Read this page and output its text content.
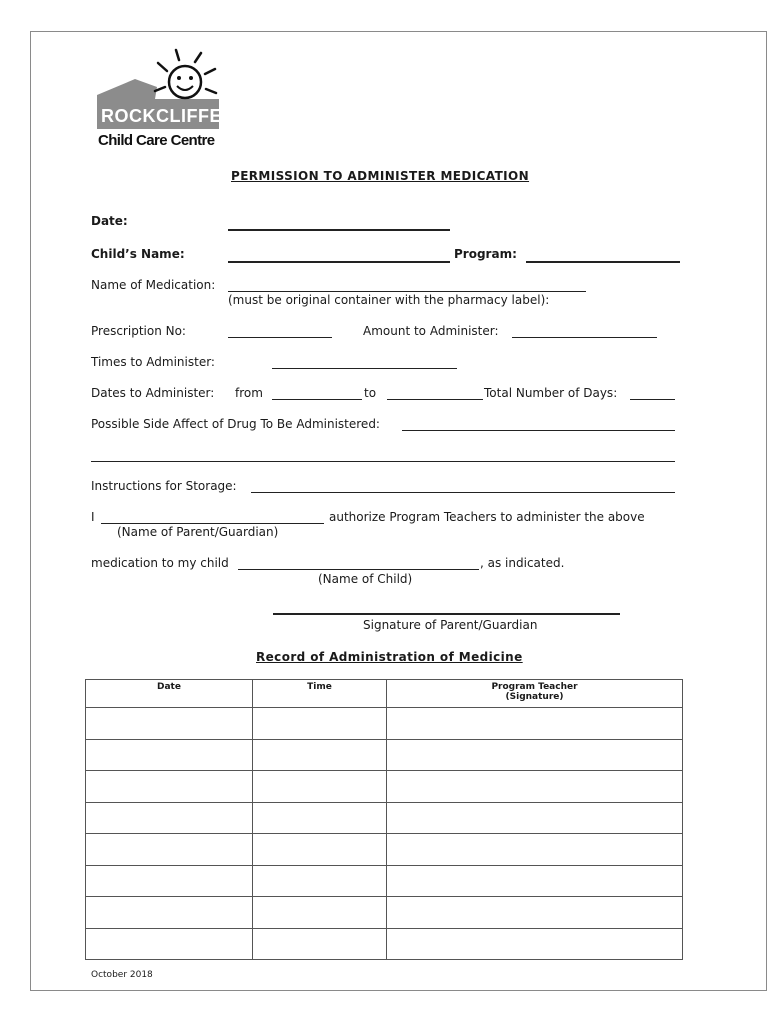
ROCKCLIFFE
Child Care Centre
PERMISSION TO ADMINISTER MEDICATION
Date:
Child’s Name:	Program:
Name of Medication:
(must be original container with the pharmacy label):
Prescription No:	Amount to Administer:
Times to Administer:
Dates to Administer: from	to	Total Number of Days:
Possible Side Affect of Drug To Be Administered:
Instructions for Storage:
I	authorize Program Teachers to administer the above
(Name of Parent/Guardian)
medication to my child	, as indicated.
(Name of Child)
Signature of Parent/Guardian
Record of Administration of Medicine
Date	Time	Program Teacher
(Signature)

October 2018
